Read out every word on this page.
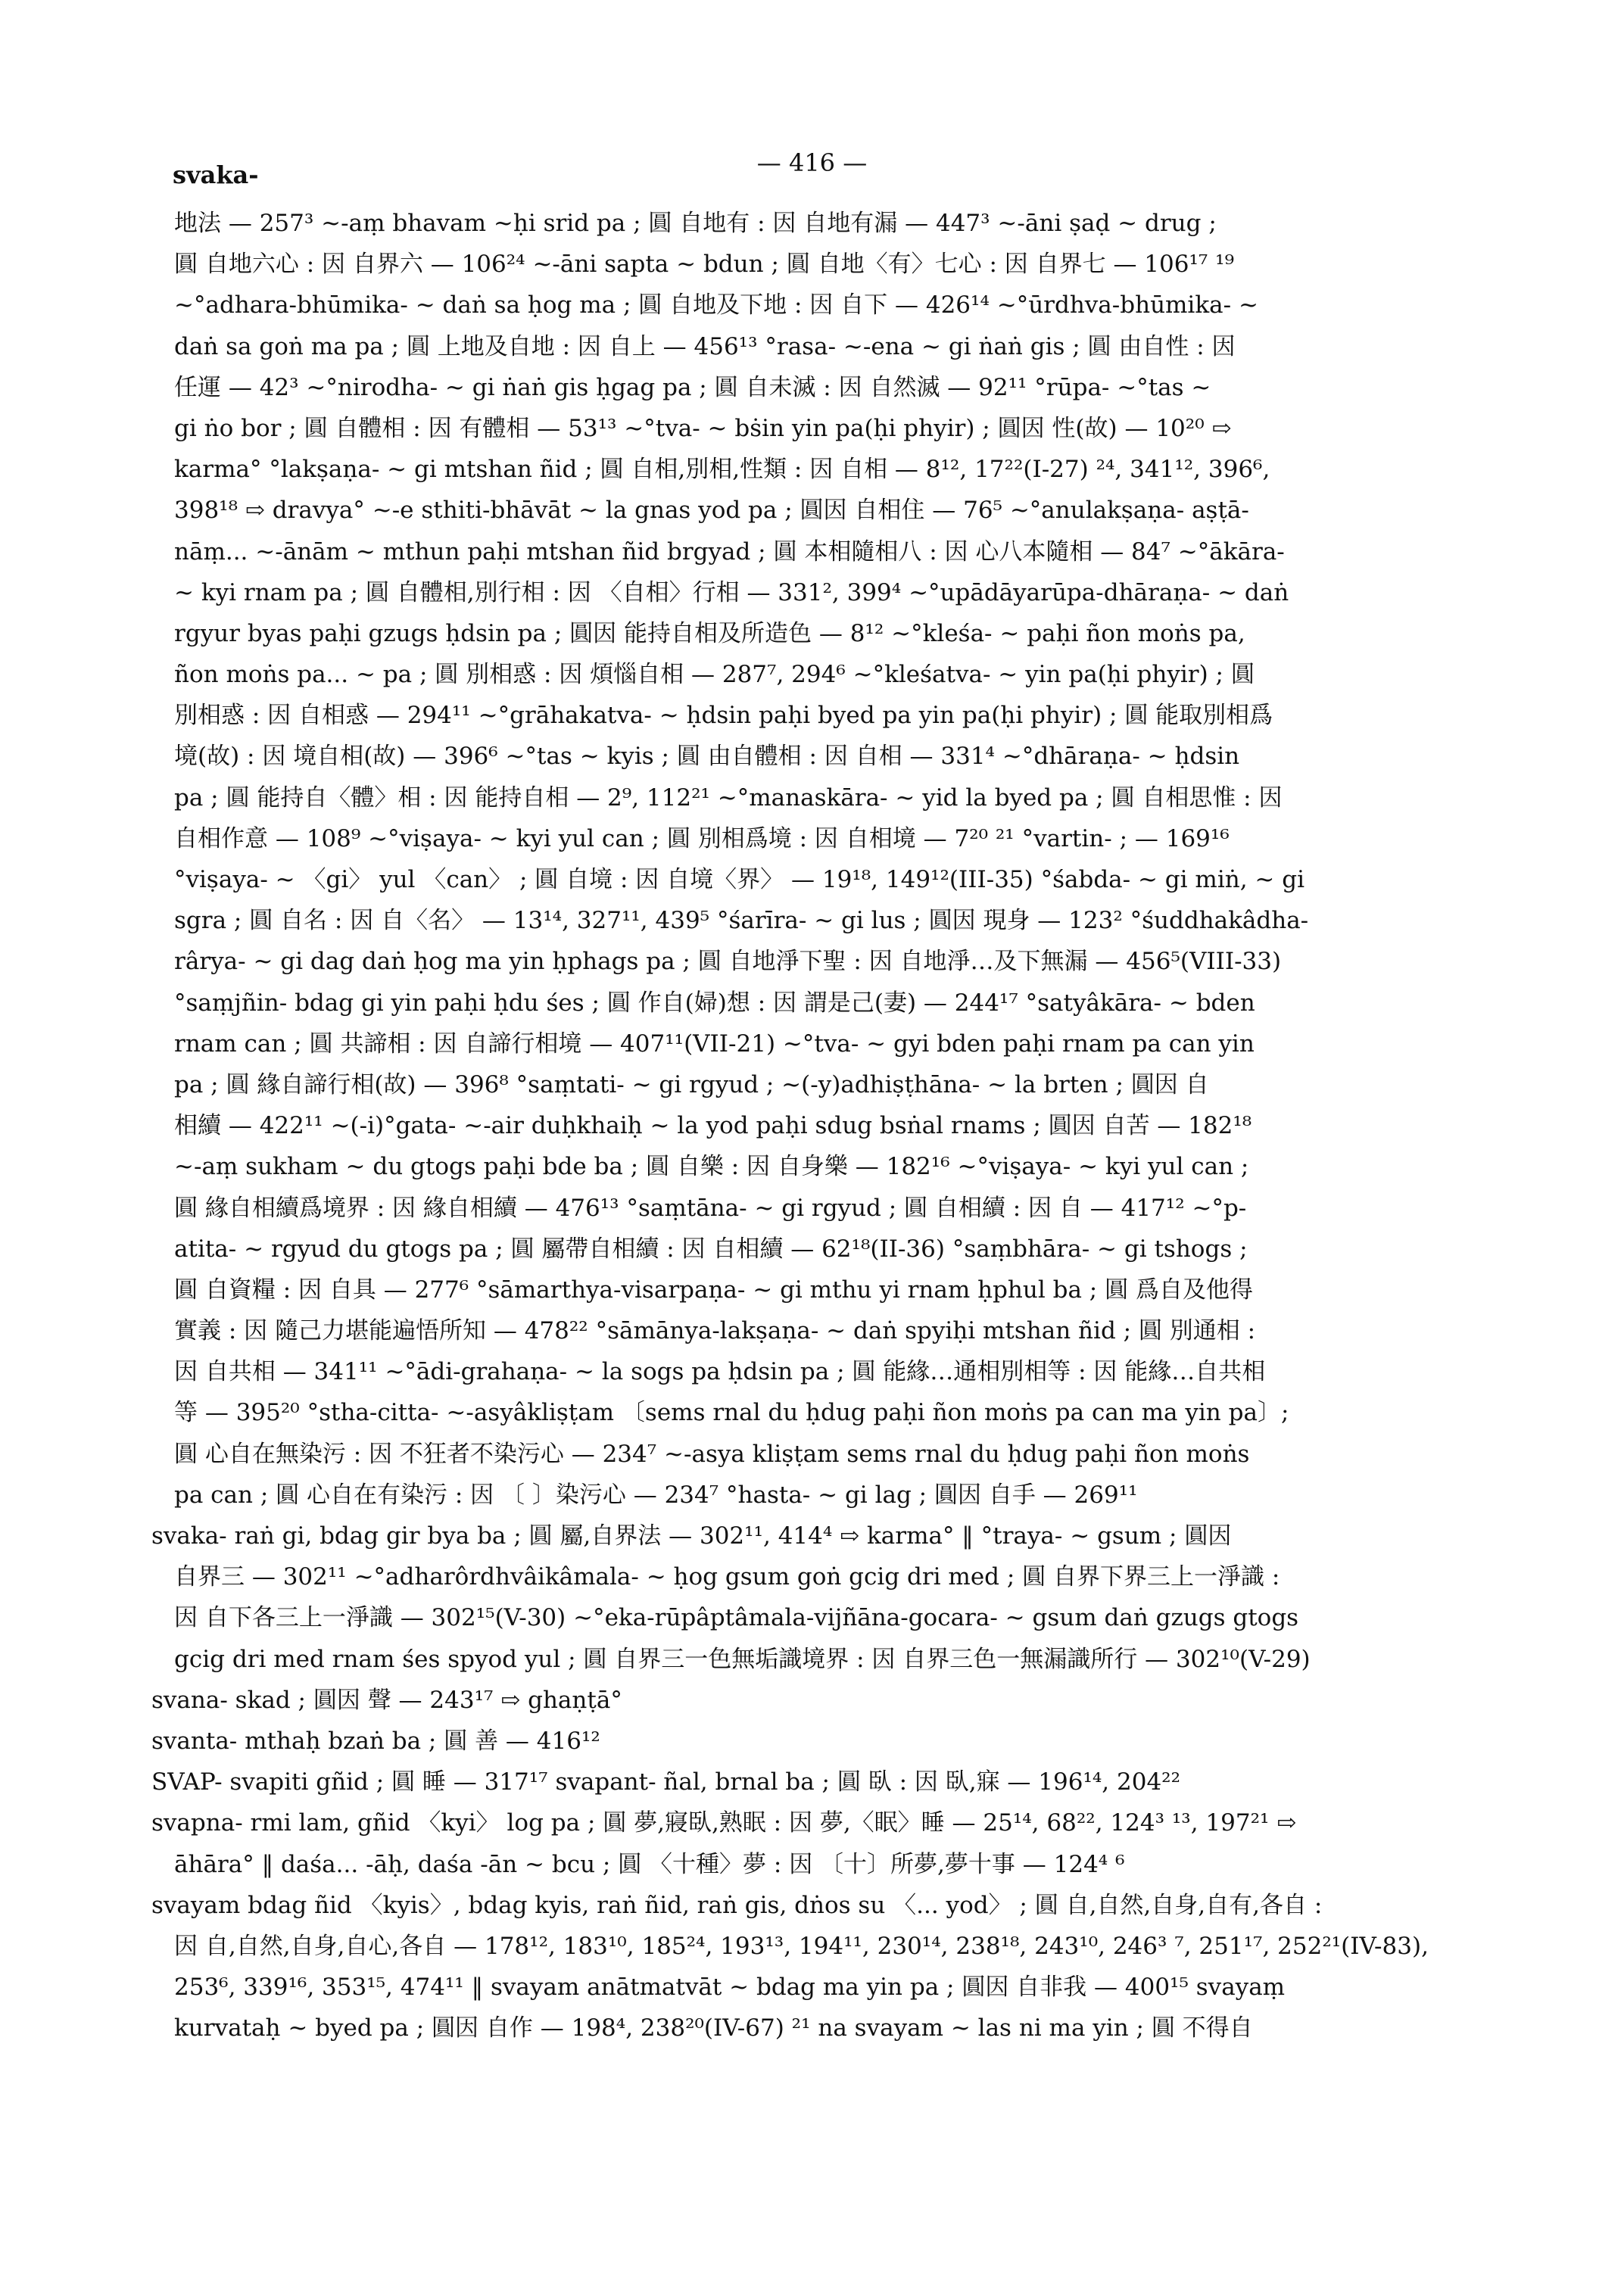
svaka-	— 416 —
地法 — 257³ ~-aṃ bhavam ~ḥi srid pa ; 圓 自地有 : 因 自地有漏 — 447³ ~-āni ṣaḍ ~ drug ;
圓 自地六心 : 因 自界六 — 106²⁴ ~-āni sapta ~ bdun ; 圓 自地〈有〉七心 : 因 自界七 — 106¹⁷ ¹⁹
~°adhara-bhūmika- ~ daṅ sa ḥog ma ; 圓 自地及下地 : 因 自下 — 426¹⁴ ~°ūrdhva-bhūmika- ~
daṅ sa goṅ ma pa ; 圓 上地及自地 : 因 自上 — 456¹³ °rasa- ~-ena ~ gi ṅaṅ gis ; 圓 由自性 : 因
任運 — 42³ ~°nirodha- ~ gi ṅaṅ gis ḥgag pa ; 圓 自未滅 : 因 自然滅 — 92¹¹ °rūpa- ~°tas ~
gi ṅo bor ; 圓 自體相 : 因 有體相 — 53¹³ ~°tva- ~ bṡin yin pa(ḥi phyir) ; 圓因 性(故) — 10²⁰ ⇨
karma° °lakṣaṇa- ~ gi mtshan ñid ; 圓 自相,別相,性類 : 因 自相 — 8¹², 17²²(I-27) ²⁴, 341¹², 396⁶,
398¹⁸ ⇨ dravya° ~-e sthiti-bhāvāt ~ la gnas yod pa ; 圓因 自相住 — 76⁵ ~°anulakṣaṇa- aṣṭā-
nāṃ... ~-ānām ~ mthun paḥi mtshan ñid brgyad ; 圓 本相隨相八 : 因 心八本隨相 — 84⁷ ~°ākāra-
~ kyi rnam pa ; 圓 自體相,別行相 : 因 〈自相〉行相 — 331², 399⁴ ~°upādāyarūpa-dhāraṇa- ~ daṅ
rgyur byas paḥi gzugs ḥdsin pa ; 圓因 能持自相及所造色 — 8¹² ~°kleśa- ~ paḥi ñon moṅs pa,
ñon moṅs pa... ~ pa ; 圓 別相惑 : 因 煩惱自相 — 287⁷, 294⁶ ~°kleśatva- ~ yin pa(ḥi phyir) ; 圓
別相惑 : 因 自相惑 — 294¹¹ ~°grāhakatva- ~ ḥdsin paḥi byed pa yin pa(ḥi phyir) ; 圓 能取別相爲
境(故) : 因 境自相(故) — 396⁶ ~°tas ~ kyis ; 圓 由自體相 : 因 自相 — 331⁴ ~°dhāraṇa- ~ ḥdsin
pa ; 圓 能持自〈體〉相 : 因 能持自相 — 2⁹, 112²¹ ~°manaskāra- ~ yid la byed pa ; 圓 自相思惟 : 因
自相作意 — 108⁹ ~°viṣaya- ~ kyi yul can ; 圓 別相爲境 : 因 自相境 — 7²⁰ ²¹ °vartin- ; — 169¹⁶
°viṣaya- ~ 〈gi〉 yul 〈can〉 ; 圓 自境 : 因 自境〈界〉 — 19¹⁸, 149¹²(III-35) °śabda- ~ gi miṅ, ~ gi
sgra ; 圓 自名 : 因 自〈名〉 — 13¹⁴, 327¹¹, 439⁵ °śarīra- ~ gi lus ; 圓因 現身 — 123² °śuddhakâdha-
rârya- ~ gi dag daṅ ḥog ma yin ḥphags pa ; 圓 自地淨下聖 : 因 自地淨…及下無漏 — 456⁵(VIII-33)
°saṃjñin- bdag gi yin paḥi ḥdu śes ; 圓 作自(婦)想 : 因 謂是己(妻) — 244¹⁷ °satyâkāra- ~ bden
rnam can ; 圓 共諦相 : 因 自諦行相境 — 407¹¹(VII-21) ~°tva- ~ gyi bden paḥi rnam pa can yin
pa ; 圓 緣自諦行相(故) — 396⁸ °saṃtati- ~ gi rgyud ; ~(-y)adhiṣṭhāna- ~ la brten ; 圓因 自
相續 — 422¹¹ ~(-i)°gata- ~-air duḥkhaiḥ ~ la yod paḥi sdug bsṅal rnams ; 圓因 自苦 — 182¹⁸
~-aṃ sukham ~ du gtogs paḥi bde ba ; 圓 自樂 : 因 自身樂 — 182¹⁶ ~°viṣaya- ~ kyi yul can ;
圓 緣自相續爲境界 : 因 緣自相續 — 476¹³ °saṃtāna- ~ gi rgyud ; 圓 自相續 : 因 自 — 417¹² ~°p-
atita- ~ rgyud du gtogs pa ; 圓 屬帶自相續 : 因 自相續 — 62¹⁸(II-36) °saṃbhāra- ~ gi tshogs ;
圓 自資糧 : 因 自具 — 277⁶ °sāmarthya-visarpaṇa- ~ gi mthu yi rnam ḥphul ba ; 圓 爲自及他得
實義 : 因 隨己力堪能遍悟所知 — 478²² °sāmānya-lakṣaṇa- ~ daṅ spyiḥi mtshan ñid ; 圓 別通相 :
因 自共相 — 341¹¹ ~°ādi-grahaṇa- ~ la sogs pa ḥdsin pa ; 圓 能緣…通相別相等 : 因 能緣…自共相
等 — 395²⁰ °stha-citta- ~-asyâkliṣṭam 〔sems rnal du ḥdug paḥi ñon moṅs pa can ma yin pa〕;
圓 心自在無染污 : 因 不狂者不染污心 — 234⁷ ~-asya kliṣṭam sems rnal du ḥdug paḥi ñon moṅs
pa can ; 圓 心自在有染污 : 因 〔 〕染污心 — 234⁷ °hasta- ~ gi lag ; 圓因 自手 — 269¹¹
svaka- raṅ gi, bdag gir bya ba ; 圓 屬,自界法 — 302¹¹, 414⁴ ⇨ karma° ‖ °traya- ~ gsum ; 圓因
自界三 — 302¹¹ ~°adharôrdhvâikâmala- ~ ḥog gsum goṅ gcig dri med ; 圓 自界下界三上一淨識 :
因 自下各三上一淨識 — 302¹⁵(V-30) ~°eka-rūpâptâmala-vijñāna-gocara- ~ gsum daṅ gzugs gtogs
gcig dri med rnam śes spyod yul ; 圓 自界三一色無垢識境界 : 因 自界三色一無漏識所行 — 302¹⁰(V-29)
svana- skad ; 圓因 聲 — 243¹⁷ ⇨ ghaṇṭā°
svanta- mthaḥ bzaṅ ba ; 圓 善 — 416¹²
SVAP- svapiti gñid ; 圓 睡 — 317¹⁷ svapant- ñal, brnal ba ; 圓 臥 : 因 臥,寐 — 196¹⁴, 204²²
svapna- rmi lam, gñid 〈kyi〉 log pa ; 圓 夢,寢臥,熟眠 : 因 夢,〈眠〉睡 — 25¹⁴, 68²², 124³ ¹³, 197²¹ ⇨
āhāra° ‖ daśa... -āḥ, daśa -ān ~ bcu ; 圓 〈十種〉夢 : 因 〔十〕所夢,夢十事 — 124⁴ ⁶
svayam bdag ñid 〈kyis〉, bdag kyis, raṅ ñid, raṅ gis, dṅos su 〈... yod〉 ; 圓 自,自然,自身,自有,各自 :
因 自,自然,自身,自心,各自 — 178¹², 183¹⁰, 185²⁴, 193¹³, 194¹¹, 230¹⁴, 238¹⁸, 243¹⁰, 246³ ⁷, 251¹⁷, 252²¹(IV-83),
253⁶, 339¹⁶, 353¹⁵, 474¹¹ ‖ svayam anātmatvāt ~ bdag ma yin pa ; 圓因 自非我 — 400¹⁵ svayaṃ
kurvataḥ ~ byed pa ; 圓因 自作 — 198⁴, 238²⁰(IV-67) ²¹ na svayam ~ las ni ma yin ; 圓 不得自
